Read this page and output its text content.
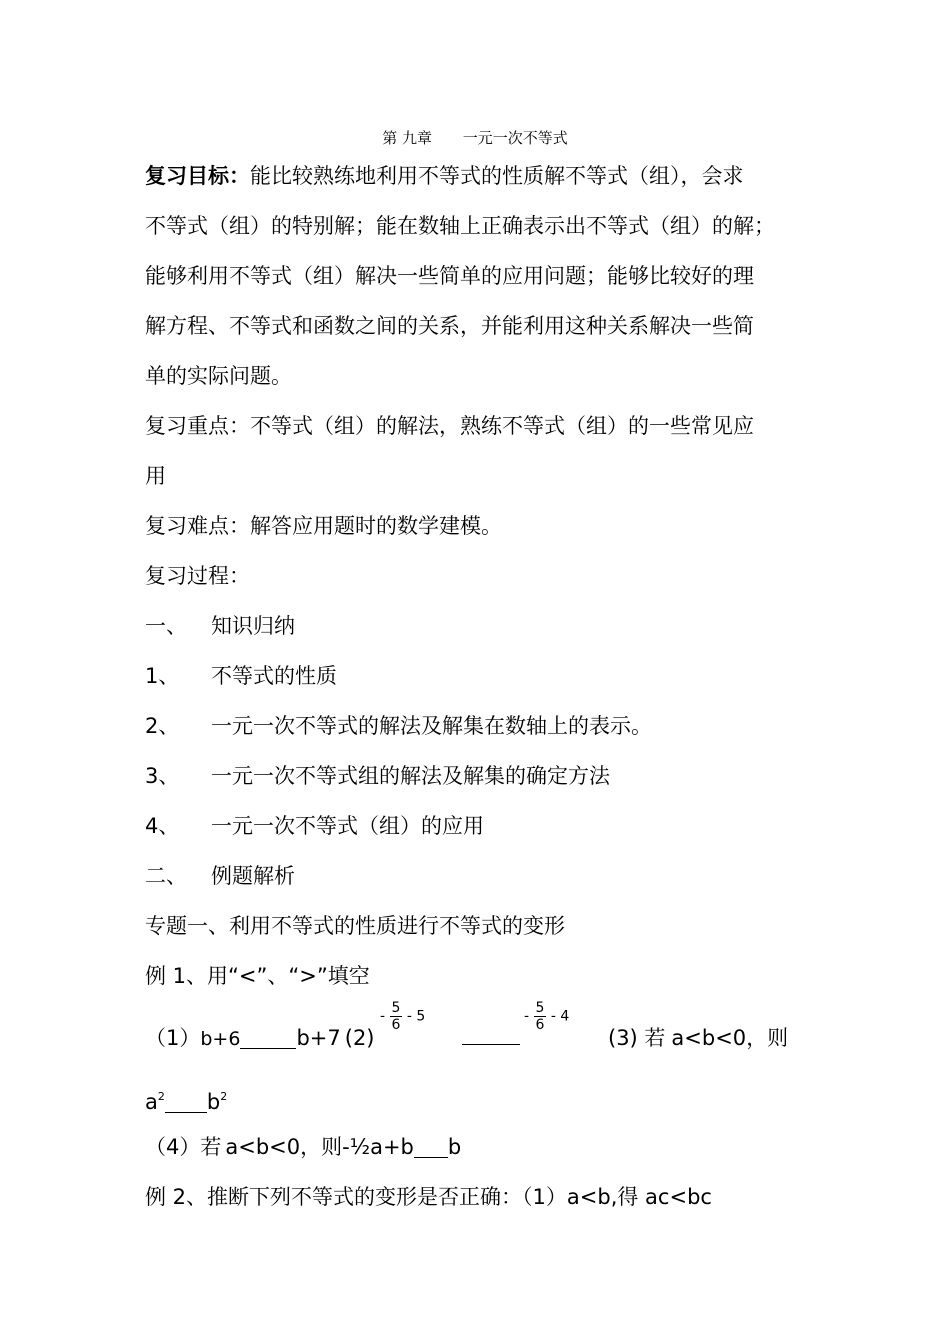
第 九章 一元一次不等式
复习目标：能比较熟练地利用不等式的性质解不等式（组），会求
不等式（组）的特别解；能在数轴上正确表示出不等式（组）的解；
能够利用不等式（组）解决一些简单的应用问题；能够比较好的理
解方程、不等式和函数之间的关系，并能利用这种关系解决一些简
单的实际问题。
复习重点：不等式（组）的解法，熟练不等式（组）的一些常见应
用
复习难点：解答应用题时的数学建模。
复习过程：
一、 知识归纳
1、 不等式的性质
2、 一元一次不等式的解法及解集在数轴上的表示。
3、 一元一次不等式组的解法及解集的确定方法
4、 一元一次不等式（组）的应用
二、 例题解析
专题一、利用不等式的性质进行不等式的变形
例 1、用“<”、“>”填空
（1）b+6	b+7 (2)
- $\frac{5}{6} - 5$	- $\frac{5}{6} - 4$
(3) 若 a<b<0，则
$a^2$ $b^2$
（4）若 a<b<0，则-½a+b b
例 2、推断下列不等式的变形是否正确：（1）a<b,得 ac<bc
